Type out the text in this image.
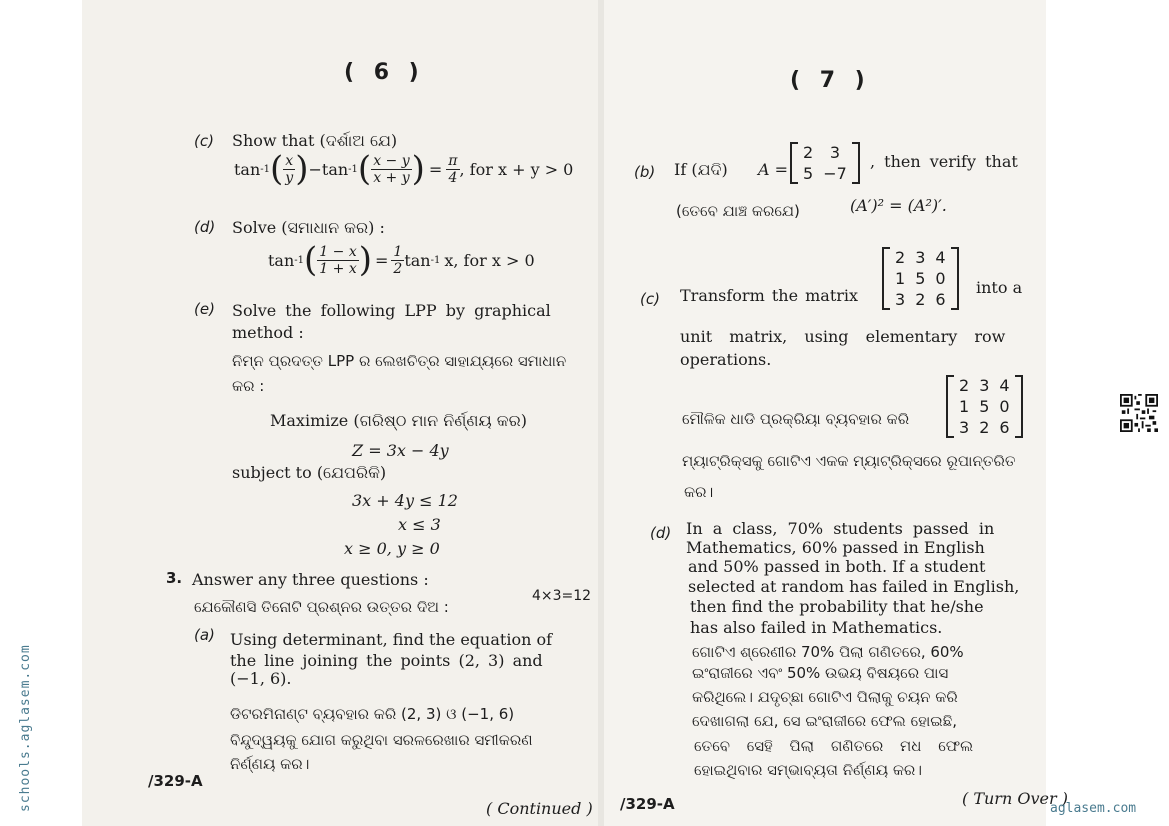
( 6 )
(c) Show that (ଦର୍ଶାଅ ଯେ)
tan -1 ( $\frac{x}{y}$ ) −tan -1 ( $\frac{x - y}{x + y}$ ) = $\frac{\pi}{4}$ , for x + y > 0
(d) Solve (ସମାଧାନ କର) :
tan -1 ( $\frac{1 - x}{1 + x}$ ) = $\frac{1}{2}$ tan -1 x, for x > 0
(e) Solve the following LPP by graphical
method :
ନିମ୍ନ ପ୍ରଦତ୍ତ LPP ର ଲେଖଚିତ୍ର ସାହାଯ୍ୟରେ ସମାଧାନ
କର :
Maximize (ଗରିଷ୍ଠ ମାନ ନିର୍ଣ୍ଣୟ କର)
Z = 3x − 4y
subject to (ଯେପରିକି)
3x + 4y ≤ 12
x ≤ 3
x ≥ 0, y ≥ 0
3. Answer any three questions :
ଯେକୌଣସି ତିନୋଟି ପ୍ରଶ୍ନର ଉତ୍ତର ଦିଅ :
4×3=12
(a) Using determinant, find the equation of
the line joining the points (2, 3) and
(−1, 6).
ଡିଟରମିନାଣ୍ଟ ବ୍ୟବହାର କରି (2, 3) ଓ (−1, 6)
ବିନ୍ଦୁଦ୍ୱୟକୁ ଯୋଗ କରୁଥିବା ସରଳରେଖାର ସମୀକରଣ
ନିର୍ଣ୍ଣୟ କର।
/329-A
( Continued )
( 7 )
(b) If (ଯଦି) A =
2	3
5	−7
, then verify that
(ତେବେ ଯାଞ୍ଚ କରଯେ)	(A′)² = (A²)′.
(c) Transform the matrix
2	3	4
1	5	0
3	2	6
into a
unit matrix, using elementary row
operations.
ମୌଳିକ ଧାଡି ପ୍ରକ୍ରିୟା ବ୍ୟବହାର କରି
2	3	4
1	5	0
3	2	6
ମ୍ୟାଟ୍ରିକ୍ସକୁ ଗୋଟିଏ ଏକକ ମ୍ୟାଟ୍ରିକ୍ସରେ ରୂପାନ୍ତରିତ
କର।
(d) In a class, 70% students passed in
Mathematics, 60% passed in English
and 50% passed in both. If a student
selected at random has failed in English,
then find the probability that he/she
has also failed in Mathematics.
ଗୋଟିଏ ଶ୍ରେଣୀର 70% ପିଲା ଗଣିତରେ, 60%
ଇଂରାଜୀରେ ଏବଂ 50% ଉଭୟ ବିଷୟରେ ପାସ
କରିଥିଲେ। ଯଦୃଚ୍ଛା ଗୋଟିଏ ପିଲାକୁ ଚୟନ କରି
ଦେଖାଗଲା ଯେ, ସେ ଇଂରାଜୀରେ ଫେଲ ହୋଇଛି,
ତେବେ ସେହି ପିଲା ଗଣିତରେ ମଧ ଫେଲ
ହୋଇଥିବାର ସମ୍ଭାବ୍ୟତା ନିର୍ଣ୍ଣୟ କର।
/329-A	( Turn Over )
schools.aglasem.com	aglasem.com
